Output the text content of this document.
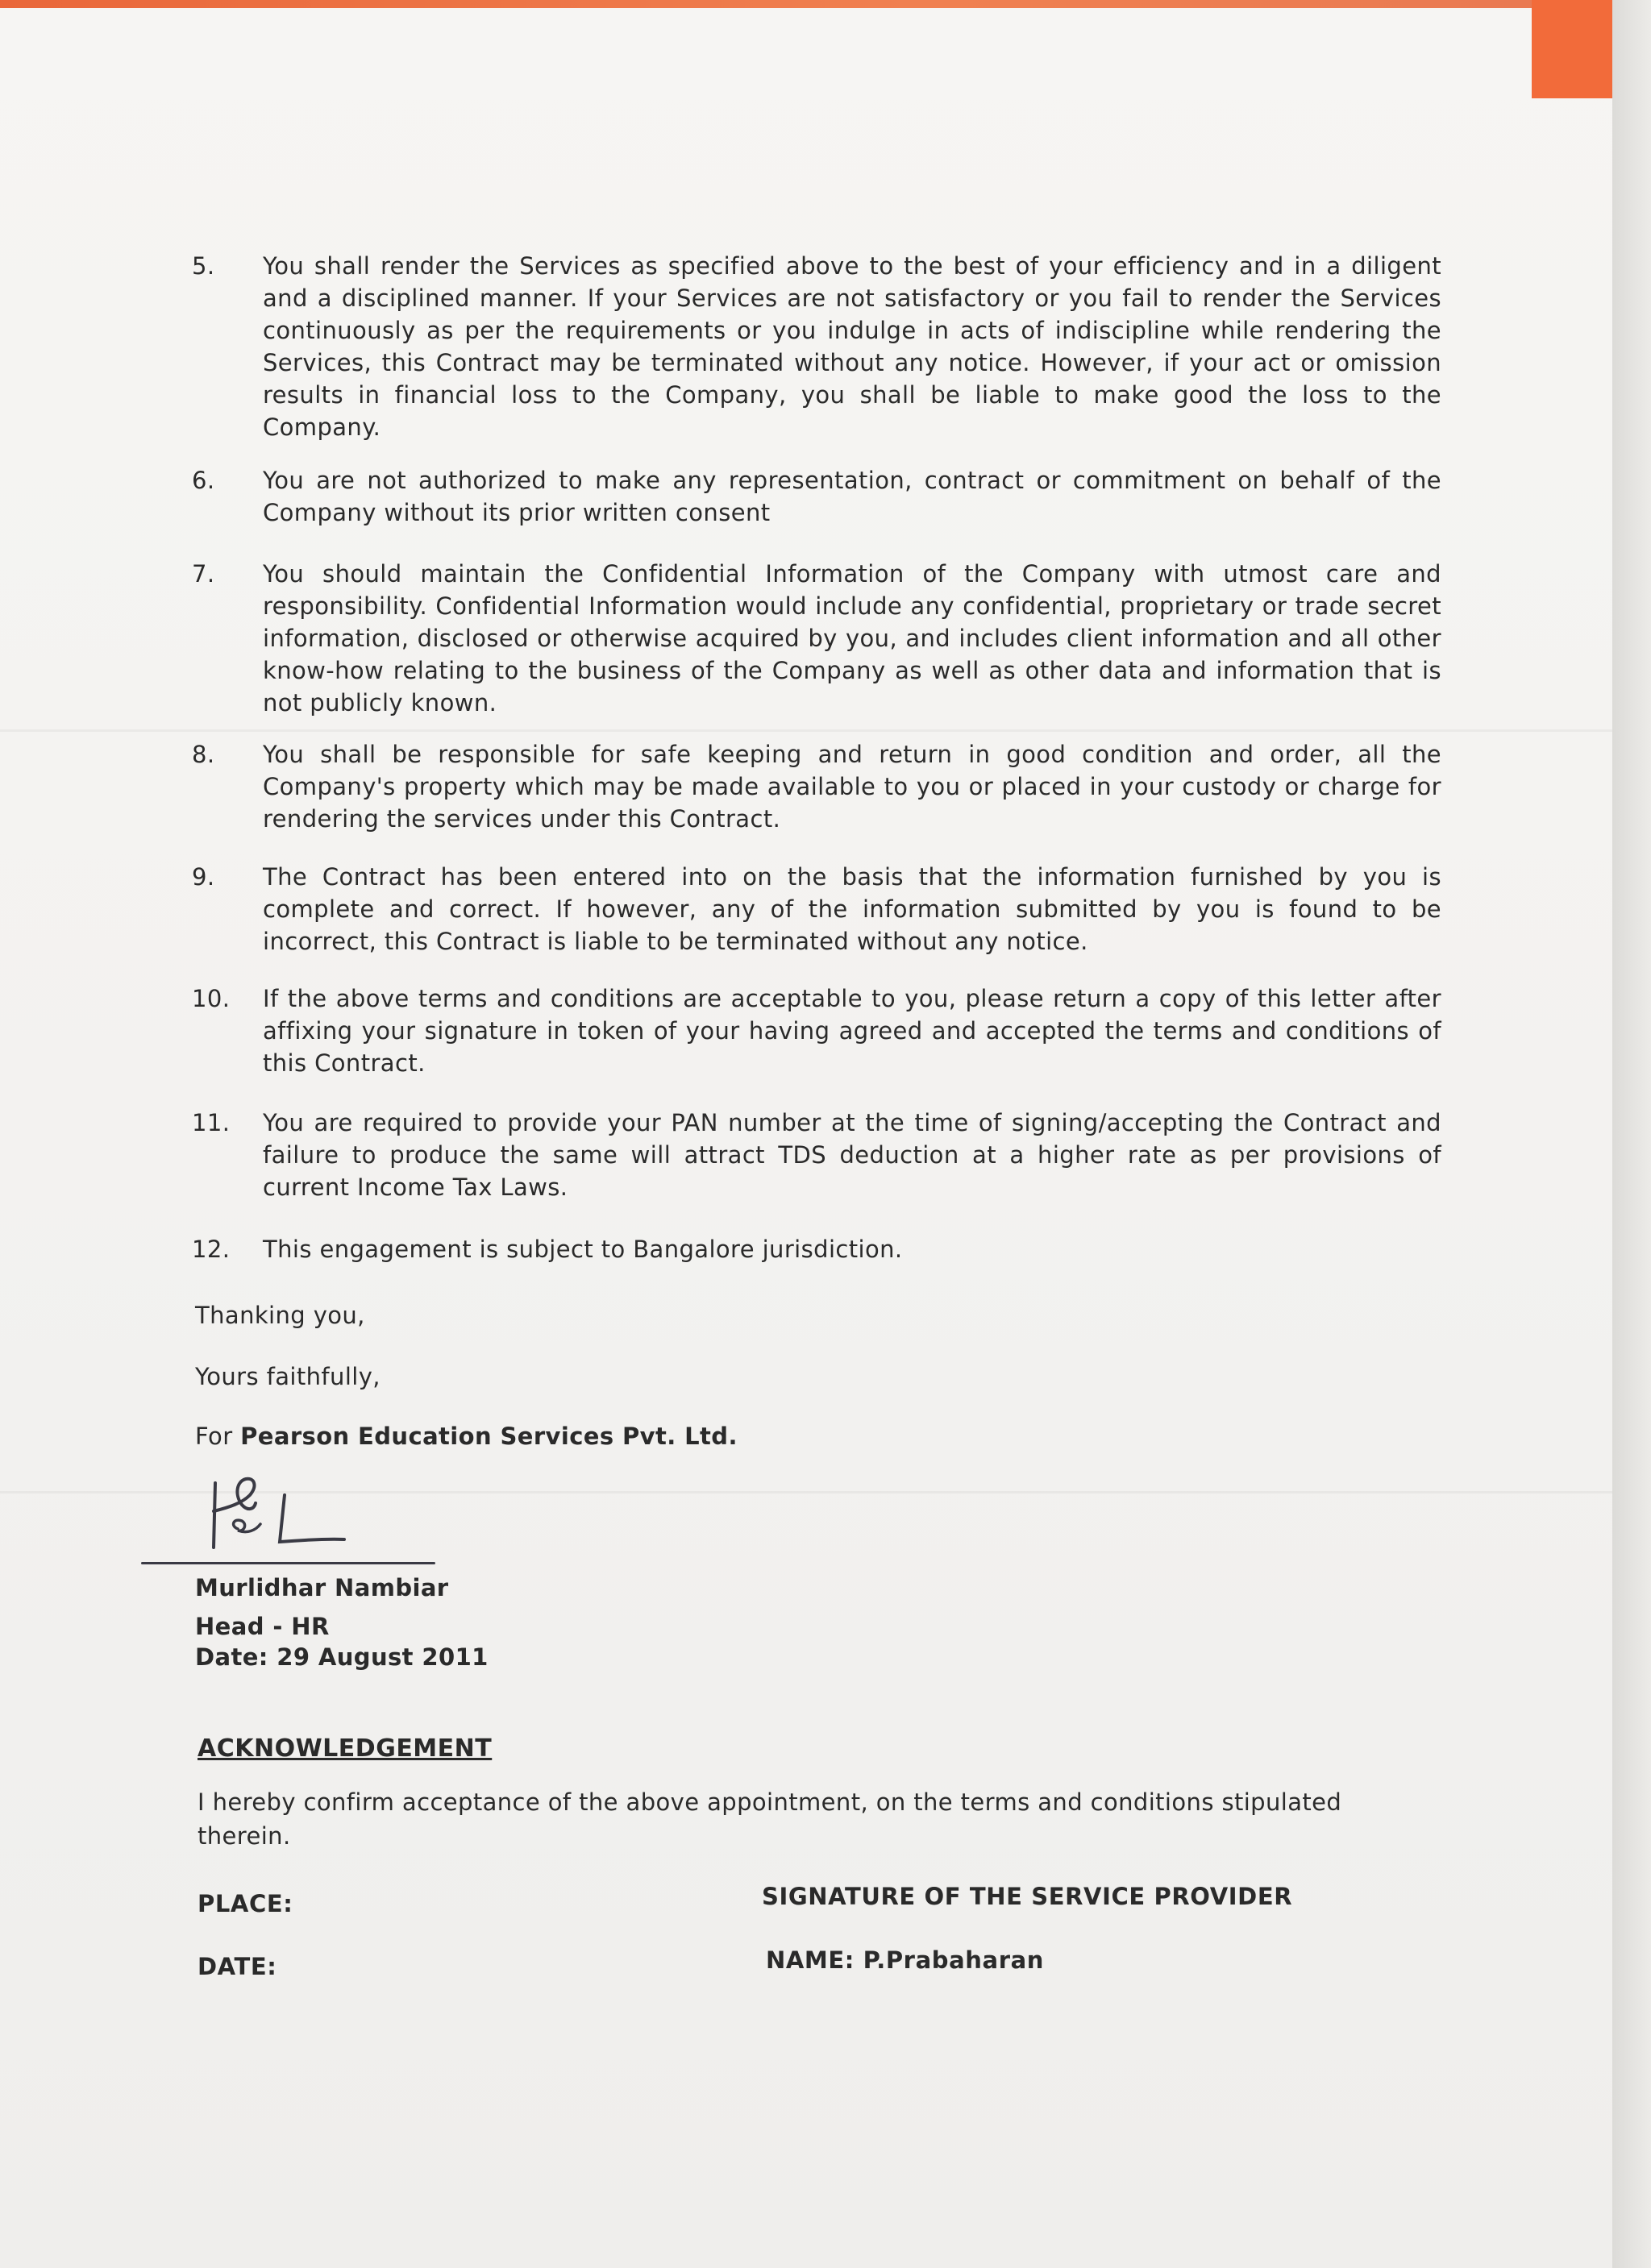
5.	You shall render the Services as specified above to the best of your efficiency and in a diligent and a disciplined manner. If your Services are not satisfactory or you fail to render the Services continuously as per the requirements or you indulge in acts of indiscipline while rendering the Services, this Contract may be terminated without any notice. However, if your act or omission results in financial loss to the Company, you shall be liable to make good the loss to the Company.
6.	You are not authorized to make any representation, contract or commitment on behalf of the Company without its prior written consent
7.	You should maintain the Confidential Information of the Company with utmost care and responsibility. Confidential Information would include any confidential, proprietary or trade secret information, disclosed or otherwise acquired by you, and includes client information and all other know-how relating to the business of the Company as well as other data and information that is not publicly known.
8.	You shall be responsible for safe keeping and return in good condition and order, all the Company's property which may be made available to you or placed in your custody or charge for rendering the services under this Contract.
9.	The Contract has been entered into on the basis that the information furnished by you is complete and correct. If however, any of the information submitted by you is found to be incorrect, this Contract is liable to be terminated without any notice.
10.	If the above terms and conditions are acceptable to you, please return a copy of this letter after affixing your signature in token of your having agreed and accepted the terms and conditions of this Contract.
11.	You are required to provide your PAN number at the time of signing/accepting the Contract and failure to produce the same will attract TDS deduction at a higher rate as per provisions of current Income Tax Laws.
12.	This engagement is subject to Bangalore jurisdiction.
Thanking you,
Yours faithfully,
For Pearson Education Services Pvt. Ltd.
Murlidhar Nambiar
Head - HR
Date: 29 August 2011
ACKNOWLEDGEMENT
I hereby confirm acceptance of the above appointment, on the terms and conditions stipulated therein.
PLACE:	SIGNATURE OF THE SERVICE PROVIDER
DATE:	NAME: P.Prabaharan
